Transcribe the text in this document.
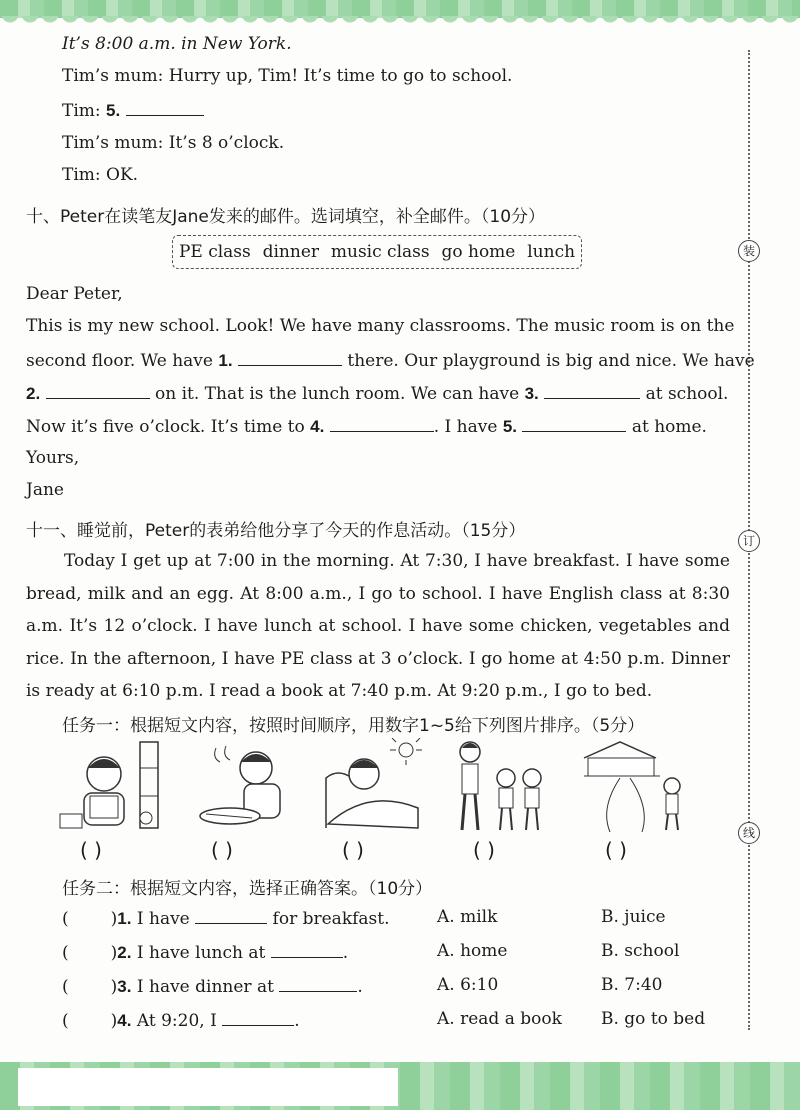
装
订
线
It’s 8:00 a.m. in New York.
Tim’s mum: Hurry up, Tim! It’s time to go to school.
Tim: 5.
Tim’s mum: It’s 8 o’clock.
Tim: OK.
十、Peter在读笔友Jane发来的邮件。选词填空，补全邮件。（10分）
PE class dinner music class go home lunch
Dear Peter,
This is my new school. Look! We have many classrooms. The music room is on the
second floor. We have 1.	there. Our playground is big and nice. We have
2.	on it. That is the lunch room. We can have 3.	at school.
Now it’s five o’clock. It’s time to 4.	. I have 5.	at home.
Yours,
Jane
十一、睡觉前，Peter的表弟给他分享了今天的作息活动。（15分）
Today I get up at 7:00 in the morning. At 7:30, I have breakfast. I have some bread, milk and an egg. At 8:00 a.m., I go to school. I have English class at 8:30 a.m. It’s 12 o’clock. I have lunch at school. I have some chicken, vegetables and rice. In the afternoon, I have PE class at 3 o’clock. I go home at 4:50 p.m. Dinner is ready at 6:10 p.m. I read a book at 7:40 p.m. At 9:20 p.m., I go to bed.
任务一：根据短文内容，按照时间顺序，用数字1~5给下列图片排序。（5分）
( )	( )	( )	( )	( )
任务二：根据短文内容，选择正确答案。（10分）
( )1. I have	for breakfast.	A. milk	B. juice
( )2. I have lunch at	.	A. home	B. school
( )3. I have dinner at	.	A. 6:10	B. 7:40
( )4. At 9:20, I	.	A. read a book B. go to bed
